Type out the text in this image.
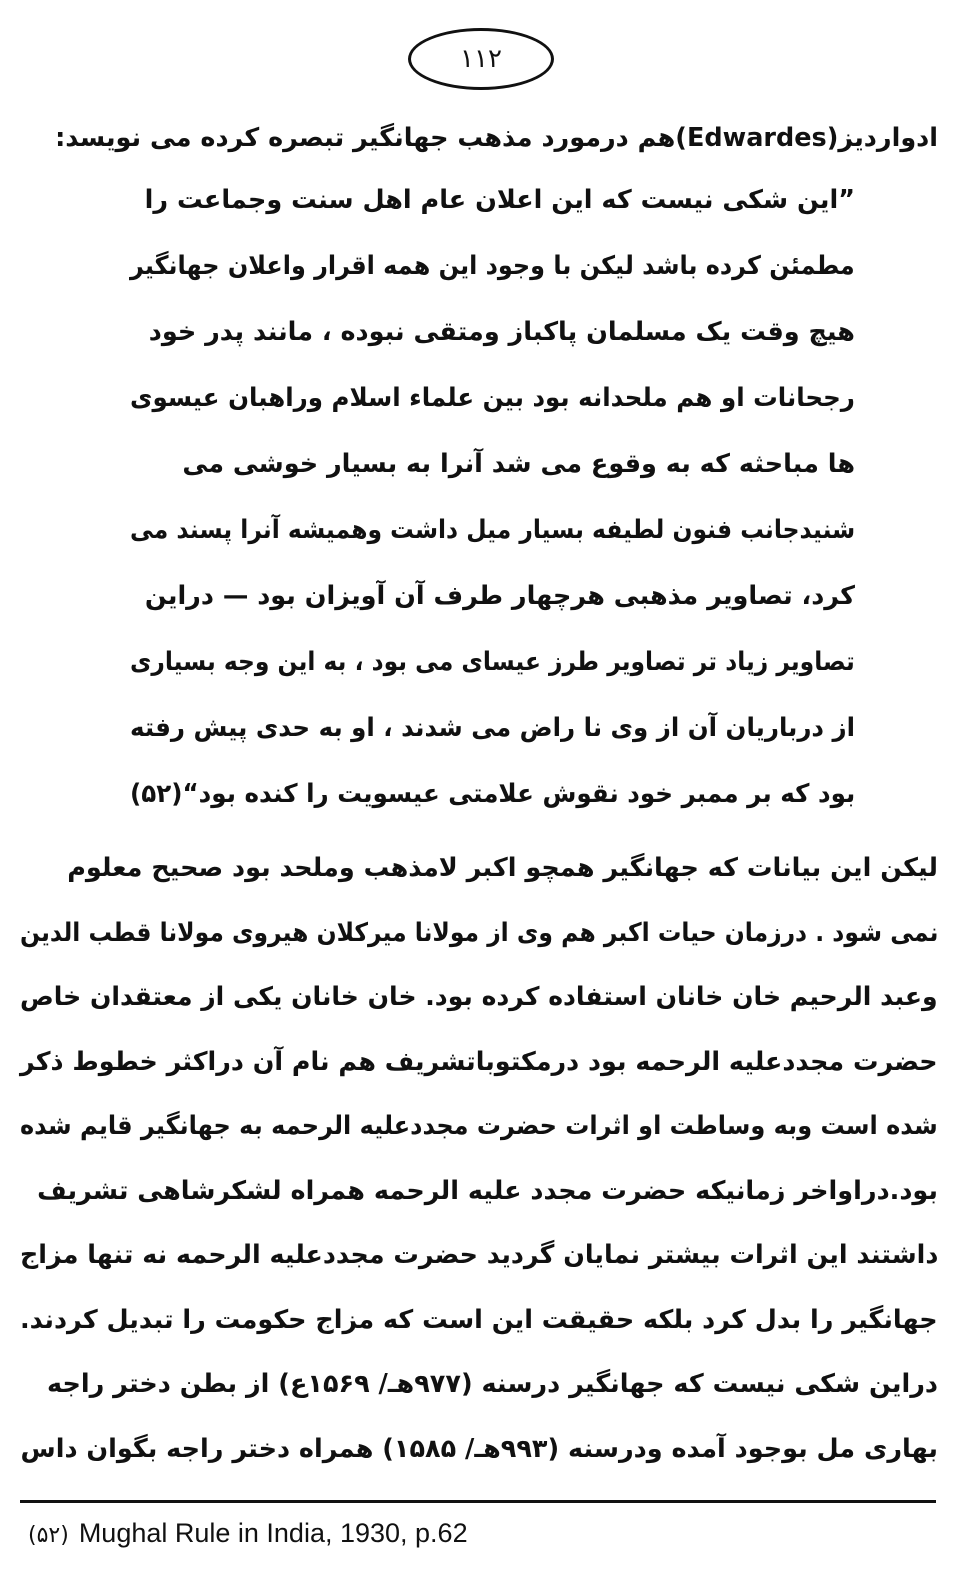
۱۱۲
ادوارديز(Edwardes)هم درمورد مذهب جهانگير تبصره كرده مى نويسد:
”اين شكى نيست كه اين اعلان عام اهل سنت وجماعت را
مطمئن كرده باشد ليكن با وجود اين همه اقرار واعلان جهانگير
هيچ وقت يک مسلمان پاكباز ومتقى نبوده ، مانند پدر خود
رجحانات او هم ملحدانه بود بين علماء اسلام وراهبان عيسوى
ها مباحثه كه به وقوع مى شد آنرا به بسيار خوشى مى
شنيدجانب فنون لطيفه بسيار ميل داشت وهميشه آنرا پسند مى
كرد، تصاوير مذهبى هرچهار طرف آن آويزان بود — دراين
تصاوير زياد تر تصاوير طرز عيساى مى بود ، به اين وجه بسيارى
از درباريان آن از وى نا راض مى شدند ، او به حدى پيش رفته
بود كه بر ممبر خود نقوش علامتى عيسويت را كنده بود“(۵۲)
ليكن اين بيانات كه جهانگير همچو اكبر لامذهب وملحد بود صحيح معلوم
نمى شود . درزمان حيات اكبر هم وى از مولانا ميركلان هيروى مولانا قطب الدين
وعبد الرحيم خان خانان استفاده كرده بود. خان خانان يكى از معتقدان خاص
حضرت مجددعليه الرحمه بود درمكتوباتشريف هم نام آن دراكثر خطوط ذكر
شده است وبه وساطت او اثرات حضرت مجددعليه الرحمه به جهانگير قايم شده
بود.دراواخر زمانيكه حضرت مجدد عليه الرحمه همراه لشكرشاهى تشريف
داشتند اين اثرات بيشتر نمايان گرديد حضرت مجددعليه الرحمه نه تنها مزاج
جهانگير را بدل كرد بلكه حقيقت اين است كه مزاج حكومت را تبديل كردند.
دراين شكى نيست كه جهانگير درسنه (۹۷۷هـ/ ۱۵۶۹ع) از بطن دختر راجه
بهارى مل بوجود آمده ودرسنه (۹۹۳هـ/ ۱۵۸۵) همراه دختر راجه بگوان داس
(۵۲) Mughal Rule in India, 1930, p.62
